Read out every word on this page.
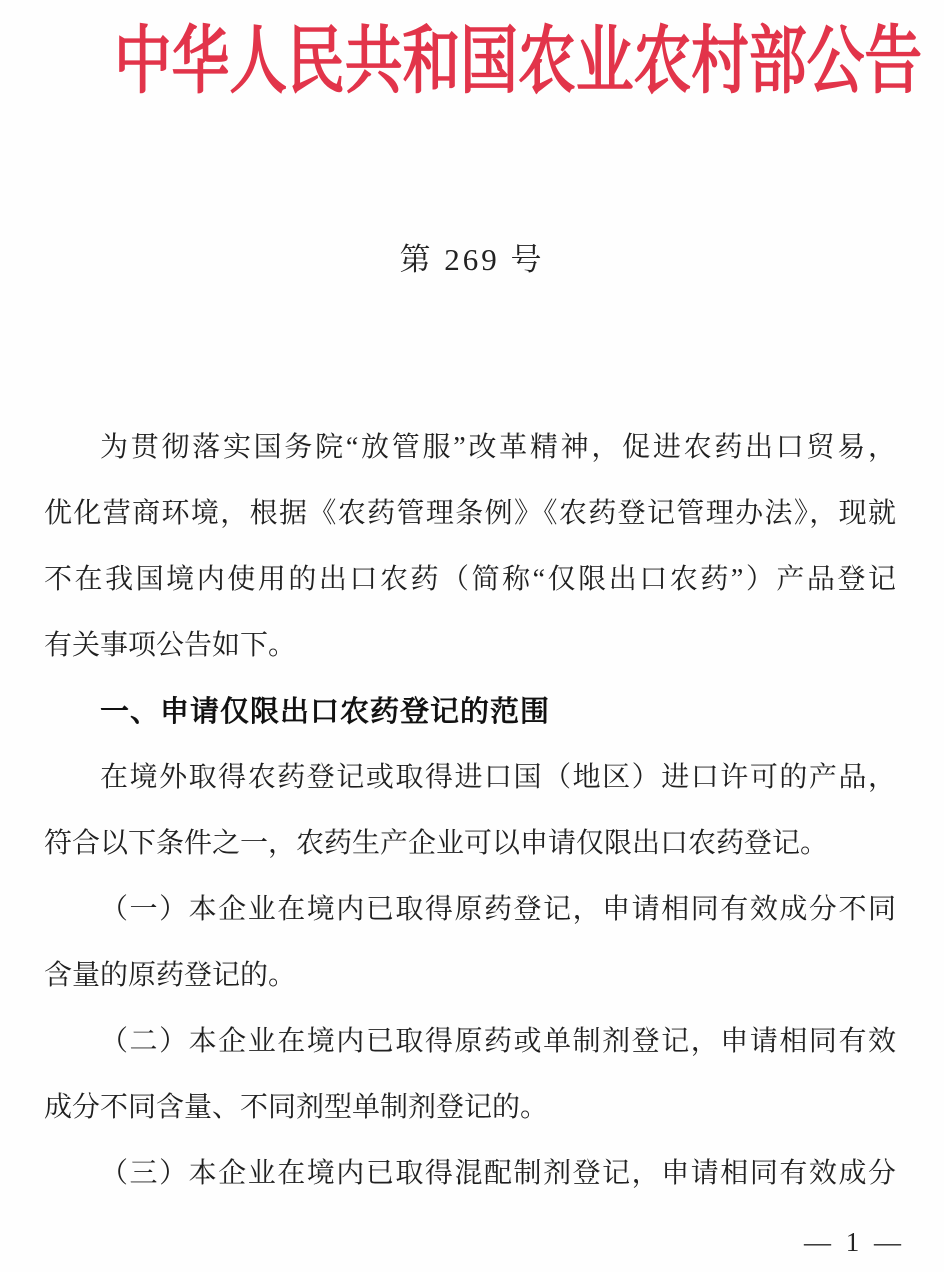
中华人民共和国农业农村部公告
第 269 号
为贯彻落实国务院“放管服”改革精神，促进农药出口贸易，
优化营商环境，根据《农药管理条例》《农药登记管理办法》，现就
不在我国境内使用的出口农药（简称“仅限出口农药”）产品登记
有关事项公告如下。
一、申请仅限出口农药登记的范围
在境外取得农药登记或取得进口国（地区）进口许可的产品，
符合以下条件之一，农药生产企业可以申请仅限出口农药登记。
（一）本企业在境内已取得原药登记，申请相同有效成分不同
含量的原药登记的。
（二）本企业在境内已取得原药或单制剂登记，申请相同有效
成分不同含量、不同剂型单制剂登记的。
（三）本企业在境内已取得混配制剂登记，申请相同有效成分
— 1 —
